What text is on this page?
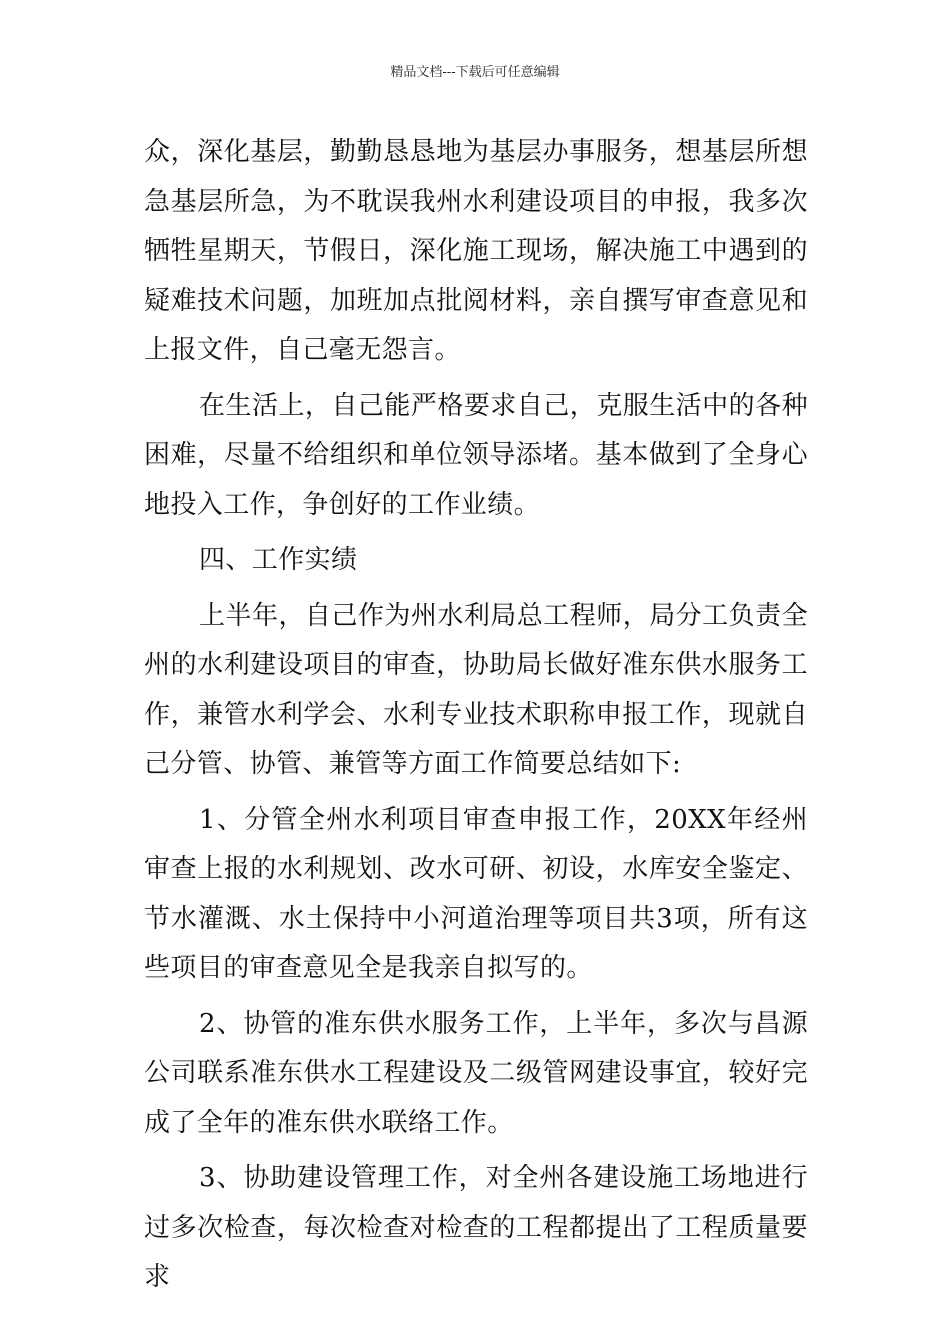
精品文档---下载后可任意编辑

众，深化基层，勤勤恳恳地为基层办事服务，想基层所想急基层所急，为不耽误我州水利建设项目的申报，我多次牺牲星期天，节假日，深化施工现场，解决施工中遇到的疑难技术问题，加班加点批阅材料，亲自撰写审查意见和上报文件，自己毫无怨言。

在生活上，自己能严格要求自己，克服生活中的各种困难，尽量不给组织和单位领导添堵。基本做到了全身心地投入工作，争创好的工作业绩。

四、工作实绩

上半年，自己作为州水利局总工程师，局分工负责全州的水利建设项目的审查，协助局长做好准东供水服务工作，兼管水利学会、水利专业技术职称申报工作，现就自己分管、协管、兼管等方面工作简要总结如下:

1、分管全州水利项目审查申报工作，20XX年经州审查上报的水利规划、改水可研、初设，水库安全鉴定、节水灌溉、水土保持中小河道治理等项目共3项，所有这些项目的审查意见全是我亲自拟写的。

2、协管的准东供水服务工作，上半年，多次与昌源公司联系准东供水工程建设及二级管网建设事宜，较好完成了全年的准东供水联络工作。

3、协助建设管理工作，对全州各建设施工场地进行过多次检查，每次检查对检查的工程都提出了工程质量要求
